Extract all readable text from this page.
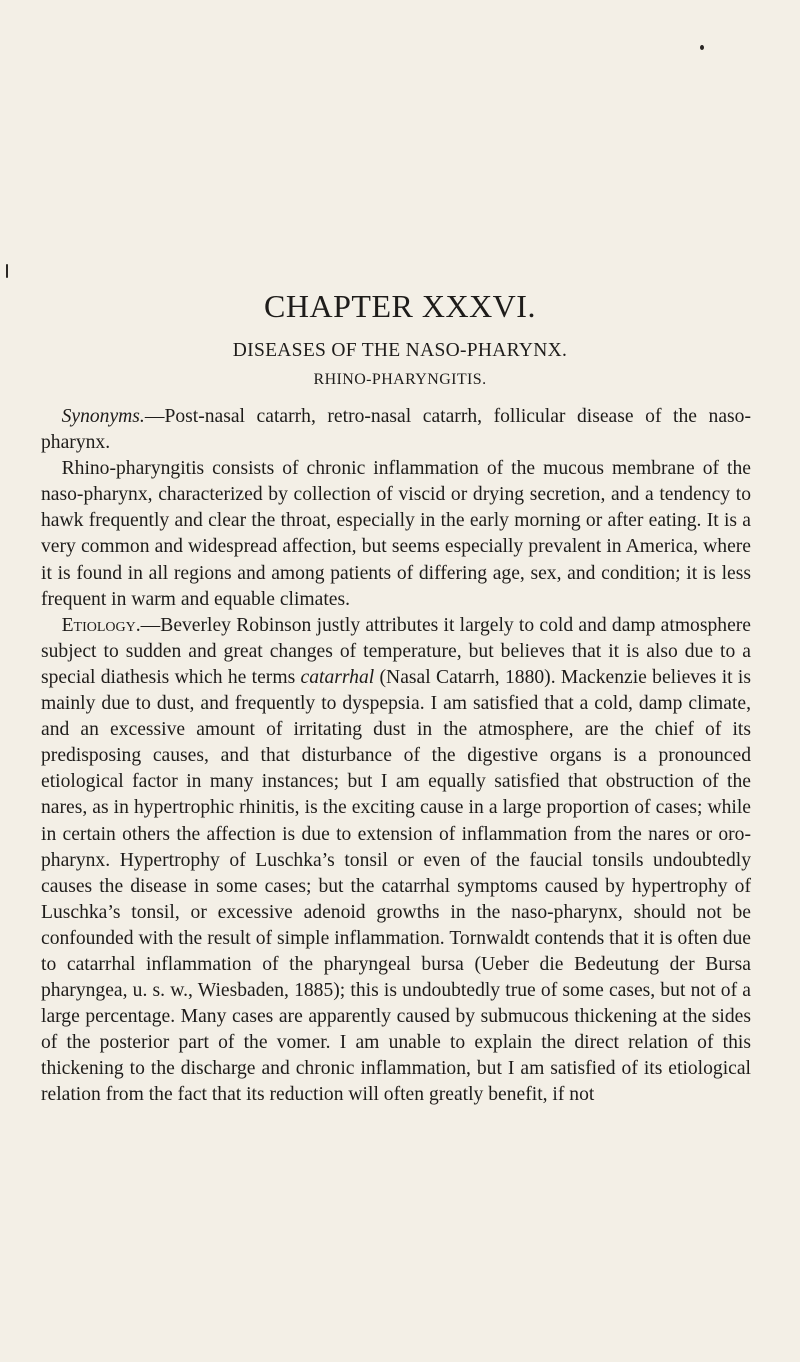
CHAPTER XXXVI.
DISEASES OF THE NASO-PHARYNX.
RHINO-PHARYNGITIS.

Synonyms.—Post-nasal catarrh, retro-nasal catarrh, follicular disease of the naso-pharynx.

Rhino-pharyngitis consists of chronic inflammation of the mucous membrane of the naso-pharynx, characterized by collection of viscid or drying secretion, and a tendency to hawk frequently and clear the throat, especially in the early morning or after eating. It is a very common and widespread affection, but seems especially prevalent in America, where it is found in all regions and among patients of differing age, sex, and condition; it is less frequent in warm and equable climates.

Etiology.—Beverley Robinson justly attributes it largely to cold and damp atmosphere subject to sudden and great changes of temperature, but believes that it is also due to a special diathesis which he terms catarrhal (Nasal Catarrh, 1880). Mackenzie believes it is mainly due to dust, and frequently to dyspepsia. I am satisfied that a cold, damp climate, and an excessive amount of irritating dust in the atmosphere, are the chief of its predisposing causes, and that disturbance of the digestive organs is a pronounced etiological factor in many instances; but I am equally satisfied that obstruction of the nares, as in hypertrophic rhinitis, is the exciting cause in a large proportion of cases; while in certain others the affection is due to extension of inflammation from the nares or oro-pharynx. Hypertrophy of Luschka’s tonsil or even of the faucial tonsils undoubtedly causes the disease in some cases; but the catarrhal symptoms caused by hypertrophy of Luschka’s tonsil, or excessive adenoid growths in the naso-pharynx, should not be confounded with the result of simple inflammation. Tornwaldt contends that it is often due to catarrhal inflammation of the pharyngeal bursa (Ueber die Bedeutung der Bursa pharyngea, u. s. w., Wiesbaden, 1885); this is undoubtedly true of some cases, but not of a large percentage. Many cases are apparently caused by submucous thickening at the sides of the posterior part of the vomer. I am unable to explain the direct relation of this thickening to the discharge and chronic inflammation, but I am satisfied of its etiological relation from the fact that its reduction will often greatly benefit, if not
